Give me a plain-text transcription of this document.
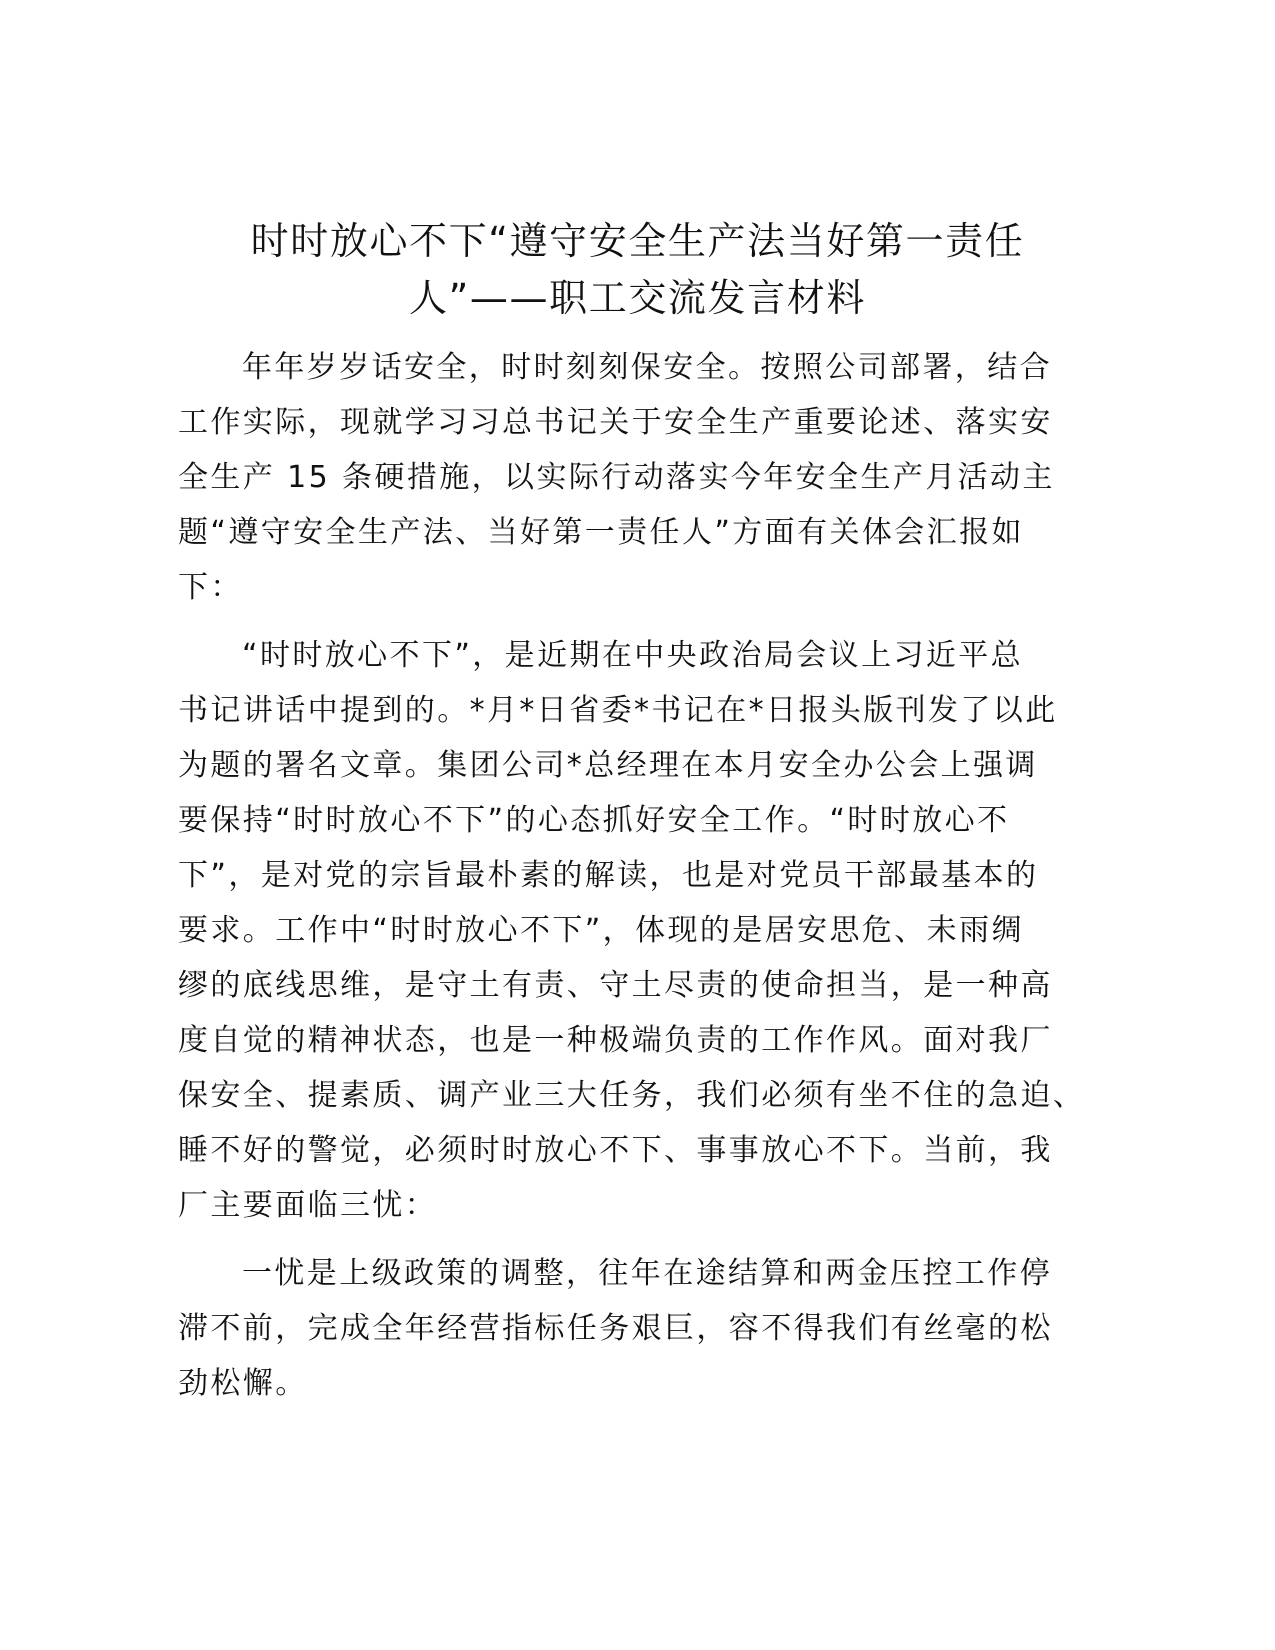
时时放心不下“遵守安全生产法当好第一责任
人”——职工交流发言材料
年年岁岁话安全，时时刻刻保安全。按照公司部署，结合
工作实际，现就学习习总书记关于安全生产重要论述、落实安
全生产 15 条硬措施，以实际行动落实今年安全生产月活动主
题“遵守安全生产法、当好第一责任人”方面有关体会汇报如
下：
“时时放心不下”，是近期在中央政治局会议上习近平总
书记讲话中提到的。*月*日省委*书记在*日报头版刊发了以此
为题的署名文章。集团公司*总经理在本月安全办公会上强调
要保持“时时放心不下”的心态抓好安全工作。“时时放心不
下”，是对党的宗旨最朴素的解读，也是对党员干部最基本的
要求。工作中“时时放心不下”，体现的是居安思危、未雨绸
缪的底线思维，是守土有责、守土尽责的使命担当，是一种高
度自觉的精神状态，也是一种极端负责的工作作风。面对我厂
保安全、提素质、调产业三大任务，我们必须有坐不住的急迫、
睡不好的警觉，必须时时放心不下、事事放心不下。当前，我
厂主要面临三忧：
一忧是上级政策的调整，往年在途结算和两金压控工作停
滞不前，完成全年经营指标任务艰巨，容不得我们有丝毫的松
劲松懈。
